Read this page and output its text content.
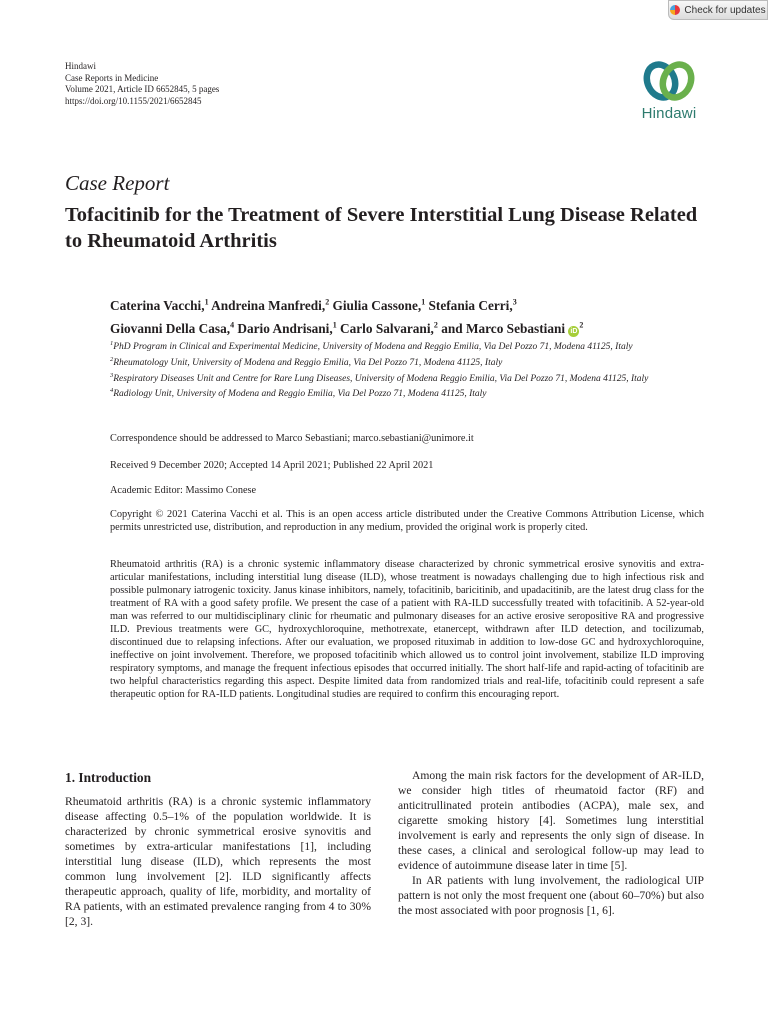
Check for updates
Hindawi
Case Reports in Medicine
Volume 2021, Article ID 6652845, 5 pages
https://doi.org/10.1155/2021/6652845
Hindawi
Case Report
Tofacitinib for the Treatment of Severe Interstitial Lung Disease Related to Rheumatoid Arthritis
Caterina Vacchi,$^1$ Andreina Manfredi,$^2$ Giulia Cassone,$^1$ Stefania Cerri,$^3$
Giovanni Della Casa,$^4$ Dario Andrisani,$^1$ Carlo Salvarani,$^2$ and Marco Sebastiani $iD^2$
$^1$PhD Program in Clinical and Experimental Medicine, University of Modena and Reggio Emilia, Via Del Pozzo 71, Modena 41125, Italy
$^2$Rheumatology Unit, University of Modena and Reggio Emilia, Via Del Pozzo 71, Modena 41125, Italy
$^3$Respiratory Diseases Unit and Centre for Rare Lung Diseases, University of Modena Reggio Emilia, Via Del Pozzo 71, Modena 41125, Italy
$^4$Radiology Unit, University of Modena and Reggio Emilia, Via Del Pozzo 71, Modena 41125, Italy
Correspondence should be addressed to Marco Sebastiani; marco.sebastiani@unimore.it
Received 9 December 2020; Accepted 14 April 2021; Published 22 April 2021
Academic Editor: Massimo Conese
Copyright © 2021 Caterina Vacchi et al. This is an open access article distributed under the Creative Commons Attribution License, which permits unrestricted use, distribution, and reproduction in any medium, provided the original work is properly cited.

Rheumatoid arthritis (RA) is a chronic systemic inflammatory disease characterized by chronic symmetrical erosive synovitis and extra-articular manifestations, including interstitial lung disease (ILD), whose treatment is nowadays challenging due to high infectious risk and possible pulmonary iatrogenic toxicity. Janus kinase inhibitors, namely, tofacitinib, baricitinib, and upadacitinib, are the latest drug class for the treatment of RA with a good safety profile. We present the case of a patient with RA-ILD successfully treated with tofacitinib. A 52-year-old man was referred to our multidisciplinary clinic for rheumatic and pulmonary diseases for an active erosive seropositive RA and progressive ILD. Previous treatments were GC, hydroxychloroquine, methotrexate, etanercept, withdrawn after ILD detection, and tocilizumab, discontinued due to relapsing infections. After our evaluation, we proposed rituximab in addition to low-dose GC and hydroxychloroquine, ineffective on joint involvement. Therefore, we proposed tofacitinib which allowed us to control joint involvement, stabilize ILD improving respiratory symptoms, and manage the frequent infectious episodes that occurred initially. The short half-life and rapid-acting of tofacitinib are two helpful characteristics regarding this aspect. Despite limited data from randomized trials and real-life, tofacitinib could represent a safe therapeutic option for RA-ILD patients. Longitudinal studies are required to confirm this encouraging report.

1. Introduction

Rheumatoid arthritis (RA) is a chronic systemic inflammatory disease affecting 0.5–1% of the population worldwide. It is characterized by chronic symmetrical erosive synovitis and sometimes by extra-articular manifestations [1], including interstitial lung disease (ILD), which represents the most common lung involvement [2]. ILD significantly affects therapeutic approach, quality of life, morbidity, and mortality of RA patients, with an estimated prevalence ranging from 4 to 30% [2, 3].

Among the main risk factors for the development of AR-ILD, we consider high titles of rheumatoid factor (RF) and anticitrullinated protein antibodies (ACPA), male sex, and cigarette smoking history [4]. Sometimes lung interstitial involvement is early and represents the only sign of disease. In these cases, a clinical and serological follow-up may lead to evidence of autoimmune disease later in time [5].

In AR patients with lung involvement, the radiological UIP pattern is not only the most frequent one (about 60–70%) but also the most associated with poor prognosis [1, 6].
